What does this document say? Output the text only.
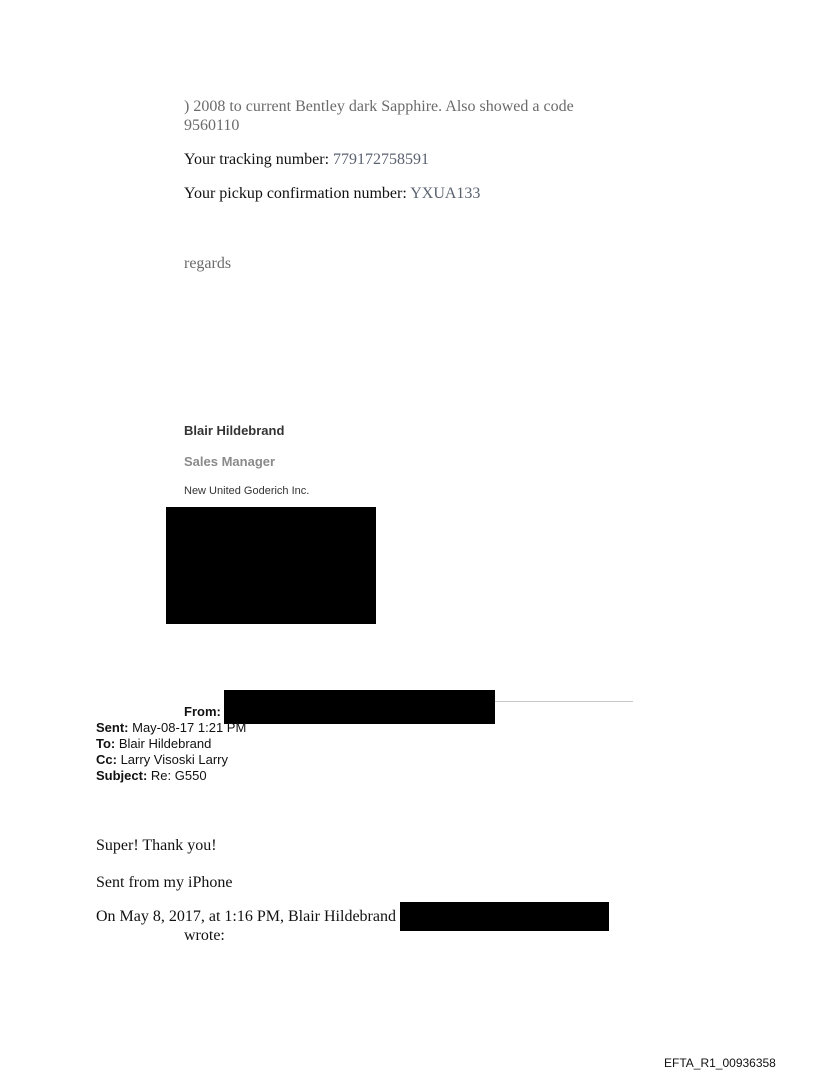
) 2008 to current Bentley dark Sapphire. Also showed a code
9560110
Your tracking number: 779172758591
Your pickup confirmation number: YXUA133
regards
Blair Hildebrand
Sales Manager
New United Goderich Inc.
From:
Sent: May-08-17 1:21 PM
To: Blair Hildebrand
Cc: Larry Visoski Larry
Subject: Re: G550
Super! Thank you!
Sent from my iPhone
On May 8, 2017, at 1:16 PM, Blair Hildebrand
wrote:
EFTA_R1_00936358
